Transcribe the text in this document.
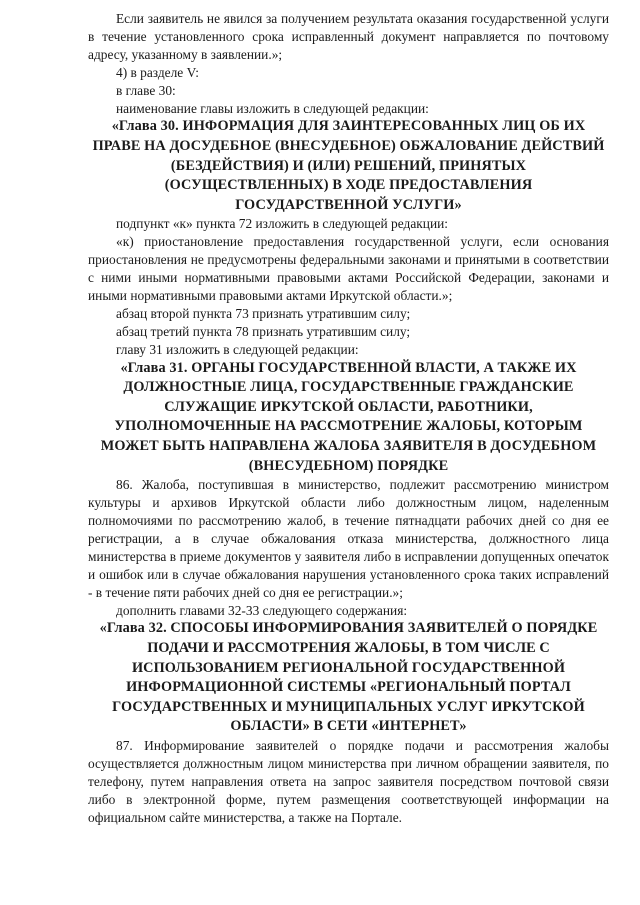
Если заявитель не явился за получением результата оказания государственной услуги в течение установленного срока исправленный документ направляется по почтовому адресу, указанному в заявлении.»;

4) в разделе V:

в главе 30:

наименование главы изложить в следующей редакции:

«Глава 30. ИНФОРМАЦИЯ ДЛЯ ЗАИНТЕРЕСОВАННЫХ ЛИЦ ОБ ИХ ПРАВЕ НА ДОСУДЕБНОЕ (ВНЕСУДЕБНОЕ) ОБЖАЛОВАНИЕ ДЕЙСТВИЙ (БЕЗДЕЙСТВИЯ) И (ИЛИ) РЕШЕНИЙ, ПРИНЯТЫХ (ОСУЩЕСТВЛЕННЫХ) В ХОДЕ ПРЕДОСТАВЛЕНИЯ ГОСУДАРСТВЕННОЙ УСЛУГИ»

подпункт «к» пункта 72 изложить в следующей редакции:

«к) приостановление предоставления государственной услуги, если основания приостановления не предусмотрены федеральными законами и принятыми в соответствии с ними иными нормативными правовыми актами Российской Федерации, законами и иными нормативными правовыми актами Иркутской области.»;

абзац второй пункта 73 признать утратившим силу;

абзац третий пункта 78 признать утратившим силу;

главу 31 изложить в следующей редакции:

«Глава 31. ОРГАНЫ ГОСУДАРСТВЕННОЙ ВЛАСТИ, А ТАКЖЕ ИХ ДОЛЖНОСТНЫЕ ЛИЦА, ГОСУДАРСТВЕННЫЕ ГРАЖДАНСКИЕ СЛУЖАЩИЕ ИРКУТСКОЙ ОБЛАСТИ, РАБОТНИКИ, УПОЛНОМОЧЕННЫЕ НА РАССМОТРЕНИЕ ЖАЛОБЫ, КОТОРЫМ МОЖЕТ БЫТЬ НАПРАВЛЕНА ЖАЛОБА ЗАЯВИТЕЛЯ В ДОСУДЕБНОМ (ВНЕСУДЕБНОМ) ПОРЯДКЕ

86. Жалоба, поступившая в министерство, подлежит рассмотрению министром культуры и архивов Иркутской области либо должностным лицом, наделенным полномочиями по рассмотрению жалоб, в течение пятнадцати рабочих дней со дня ее регистрации, а в случае обжалования отказа министерства, должностного лица министерства в приеме документов у заявителя либо в исправлении допущенных опечаток и ошибок или в случае обжалования нарушения установленного срока таких исправлений - в течение пяти рабочих дней со дня ее регистрации.»;

дополнить главами 32-33 следующего содержания:

«Глава 32. СПОСОБЫ ИНФОРМИРОВАНИЯ ЗАЯВИТЕЛЕЙ О ПОРЯДКЕ ПОДАЧИ И РАССМОТРЕНИЯ ЖАЛОБЫ, В ТОМ ЧИСЛЕ С ИСПОЛЬЗОВАНИЕМ РЕГИОНАЛЬНОЙ ГОСУДАРСТВЕННОЙ ИНФОРМАЦИОННОЙ СИСТЕМЫ «РЕГИОНАЛЬНЫЙ ПОРТАЛ ГОСУДАРСТВЕННЫХ И МУНИЦИПАЛЬНЫХ УСЛУГ ИРКУТСКОЙ ОБЛАСТИ» В СЕТИ «ИНТЕРНЕТ»

87. Информирование заявителей о порядке подачи и рассмотрения жалобы осуществляется должностным лицом министерства при личном обращении заявителя, по телефону, путем направления ответа на запрос заявителя посредством почтовой связи либо в электронной форме, путем размещения соответствующей информации на официальном сайте министерства, а также на Портале.
